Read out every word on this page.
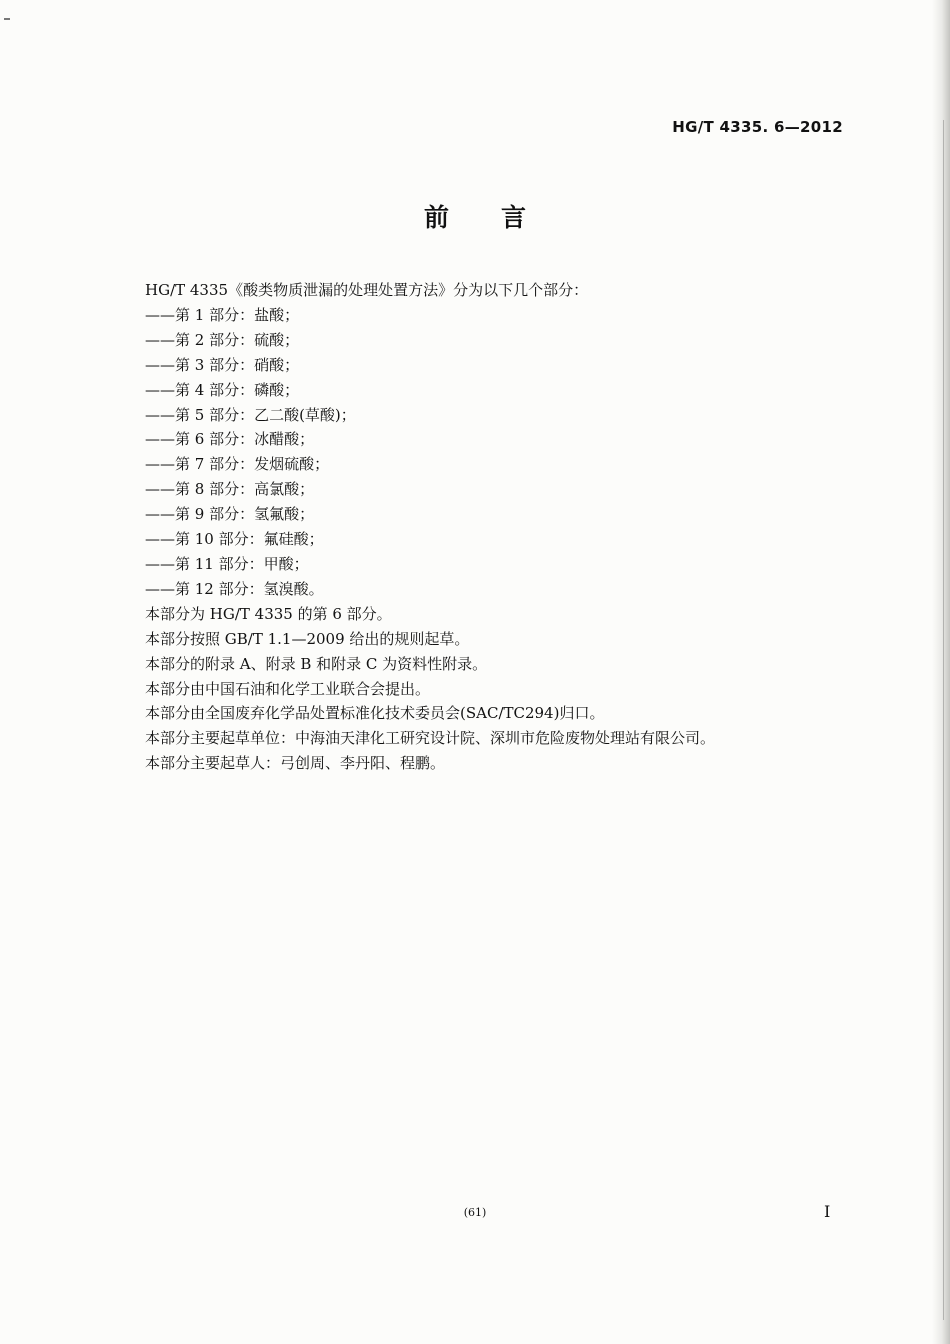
HG/T 4335. 6—2012
前言
HG/T 4335《酸类物质泄漏的处理处置方法》分为以下几个部分：
——第 1 部分：盐酸；
——第 2 部分：硫酸；
——第 3 部分：硝酸；
——第 4 部分：磷酸；
——第 5 部分：乙二酸(草酸)；
——第 6 部分：冰醋酸；
——第 7 部分：发烟硫酸；
——第 8 部分：高氯酸；
——第 9 部分：氢氟酸；
——第 10 部分：氟硅酸；
——第 11 部分：甲酸；
——第 12 部分：氢溴酸。
本部分为 HG/T 4335 的第 6 部分。
本部分按照 GB/T 1.1—2009 给出的规则起草。
本部分的附录 A、附录 B 和附录 C 为资料性附录。
本部分由中国石油和化学工业联合会提出。
本部分由全国废弃化学品处置标准化技术委员会(SAC/TC294)归口。
本部分主要起草单位：中海油天津化工研究设计院、深圳市危险废物处理站有限公司。
本部分主要起草人：弓创周、李丹阳、程鹏。
(61)	I
